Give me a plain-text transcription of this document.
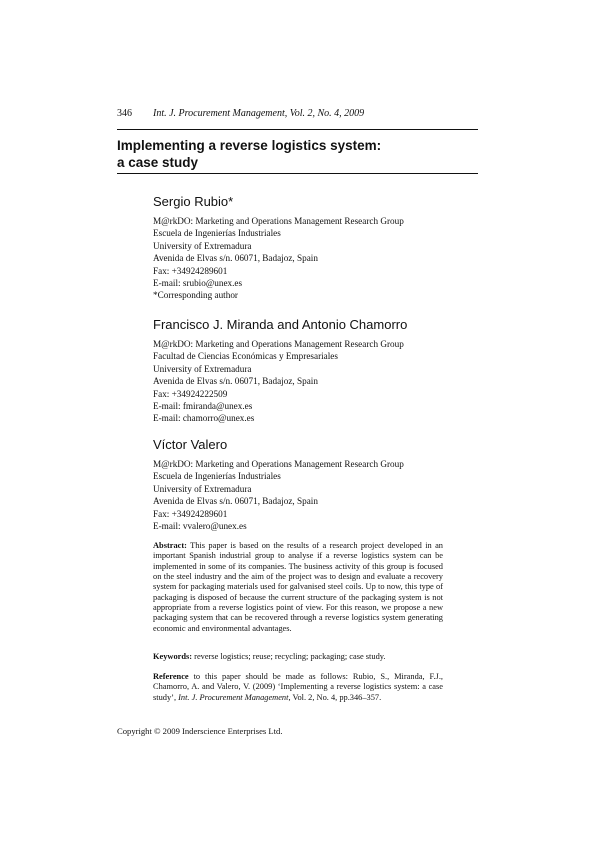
346 Int. J. Procurement Management, Vol. 2, No. 4, 2009
Implementing a reverse logistics system:
a case study
Sergio Rubio*
M@rkDO: Marketing and Operations Management Research Group
Escuela de Ingenierías Industriales
University of Extremadura
Avenida de Elvas s/n. 06071, Badajoz, Spain
Fax: +34924289601
E-mail: srubio@unex.es
*Corresponding author
Francisco J. Miranda and Antonio Chamorro
M@rkDO: Marketing and Operations Management Research Group
Facultad de Ciencias Económicas y Empresariales
University of Extremadura
Avenida de Elvas s/n. 06071, Badajoz, Spain
Fax: +34924222509
E-mail: fmiranda@unex.es
E-mail: chamorro@unex.es
Víctor Valero
M@rkDO: Marketing and Operations Management Research Group
Escuela de Ingenierías Industriales
University of Extremadura
Avenida de Elvas s/n. 06071, Badajoz, Spain
Fax: +34924289601
E-mail: vvalero@unex.es
Abstract: This paper is based on the results of a research project developed in an important Spanish industrial group to analyse if a reverse logistics system can be implemented in some of its companies. The business activity of this group is focused on the steel industry and the aim of the project was to design and evaluate a recovery system for packaging materials used for galvanised steel coils. Up to now, this type of packaging is disposed of because the current structure of the packaging system is not appropriate from a reverse logistics point of view. For this reason, we propose a new packaging system that can be recovered through a reverse logistics system generating economic and environmental advantages.
Keywords: reverse logistics; reuse; recycling; packaging; case study.
Reference to this paper should be made as follows: Rubio, S., Miranda, F.J., Chamorro, A. and Valero, V. (2009) ‘Implementing a reverse logistics system: a case study’, Int. J. Procurement Management, Vol. 2, No. 4, pp.346–357.
Copyright © 2009 Inderscience Enterprises Ltd.
